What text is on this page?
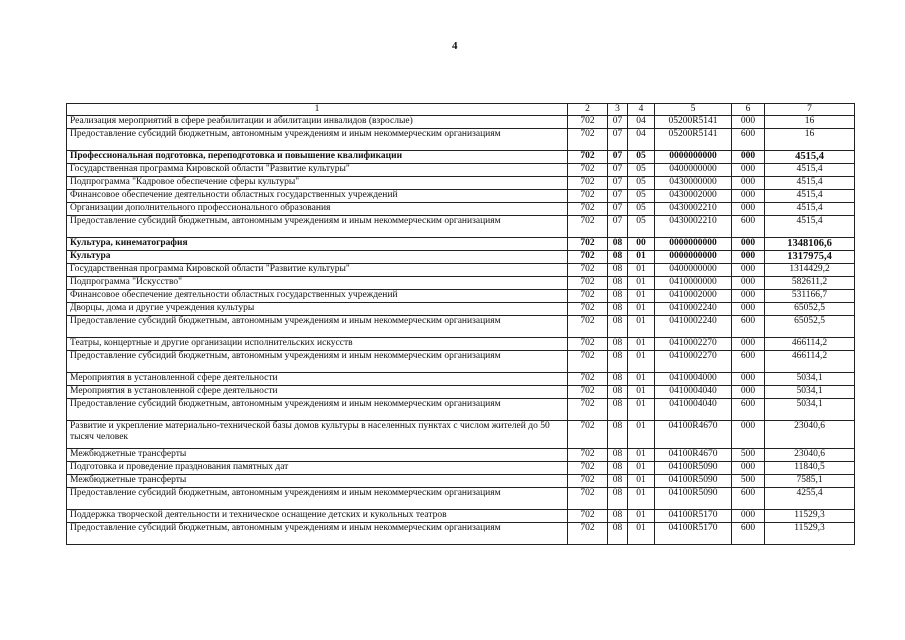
4
1	2	3	4	5	6	7
Реализация мероприятий в сфере реабилитации и абилитации инвалидов (взрослые)	702	07	04	05200R5141	000	16
Предоставление субсидий бюджетным, автономным учреждениям и иным некоммерческим организациям	702	07	04	05200R5141	600	16
Профессиональная подготовка, переподготовка и повышение квалификации	702	07	05	0000000000	000	4515,4
Государственная программа Кировской области "Развитие культуры"	702	07	05	0400000000	000	4515,4
Подпрограмма "Кадровое обеспечение сферы культуры"	702	07	05	0430000000	000	4515,4
Финансовое обеспечение деятельности областных государственных учреждений	702	07	05	0430002000	000	4515,4
Организации дополнительного профессионального образования	702	07	05	0430002210	000	4515,4
Предоставление субсидий бюджетным, автономным учреждениям и иным некоммерческим организациям	702	07	05	0430002210	600	4515,4
Культура, кинематография	702	08	00	0000000000	000	1348106,6
Культура	702	08	01	0000000000	000	1317975,4
Государственная программа Кировской области "Развитие культуры"	702	08	01	0400000000	000	1314429,2
Подпрограмма "Искусство"	702	08	01	0410000000	000	582611,2
Финансовое обеспечение деятельности областных государственных учреждений	702	08	01	0410002000	000	531166,7
Дворцы, дома и другие учреждения культуры	702	08	01	0410002240	000	65052,5
Предоставление субсидий бюджетным, автономным учреждениям и иным некоммерческим организациям	702	08	01	0410002240	600	65052,5
Театры, концертные и другие организации исполнительских искусств	702	08	01	0410002270	000	466114,2
Предоставление субсидий бюджетным, автономным учреждениям и иным некоммерческим организациям	702	08	01	0410002270	600	466114,2
Мероприятия в установленной сфере деятельности	702	08	01	0410004000	000	5034,1
Мероприятия в установленной сфере деятельности	702	08	01	0410004040	000	5034,1
Предоставление субсидий бюджетным, автономным учреждениям и иным некоммерческим организациям	702	08	01	0410004040	600	5034,1
Развитие и укрепление материально-технической базы домов культуры в населенных пунктах с числом жителей до 50 тысяч человек	702	08	01	04100R4670	000	23040,6
Межбюджетные трансферты	702	08	01	04100R4670	500	23040,6
Подготовка и проведение празднования памятных дат	702	08	01	04100R5090	000	11840,5
Межбюджетные трансферты	702	08	01	04100R5090	500	7585,1
Предоставление субсидий бюджетным, автономным учреждениям и иным некоммерческим организациям	702	08	01	04100R5090	600	4255,4
Поддержка творческой деятельности и техническое оснащение детских и кукольных театров	702	08	01	04100R5170	000	11529,3
Предоставление субсидий бюджетным, автономным учреждениям и иным некоммерческим организациям	702	08	01	04100R5170	600	11529,3
